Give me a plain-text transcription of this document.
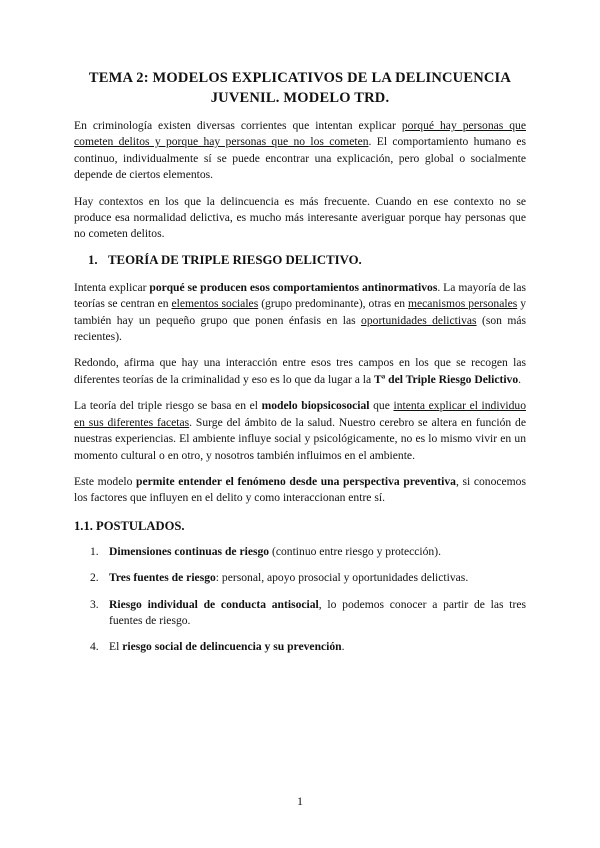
TEMA 2: MODELOS EXPLICATIVOS DE LA DELINCUENCIA
JUVENIL. MODELO TRD.

En criminología existen diversas corrientes que intentan explicar porqué hay personas que cometen delitos y porque hay personas que no los cometen. El comportamiento humano es continuo, individualmente sí se puede encontrar una explicación, pero global o socialmente depende de ciertos elementos.

Hay contextos en los que la delincuencia es más frecuente. Cuando en ese contexto no se produce esa normalidad delictiva, es mucho más interesante averiguar porque hay personas que no cometen delitos.

1. TEORÍA DE TRIPLE RIESGO DELICTIVO.

Intenta explicar porqué se producen esos comportamientos antinormativos. La mayoría de las teorías se centran en elementos sociales (grupo predominante), otras en mecanismos personales y también hay un pequeño grupo que ponen énfasis en las oportunidades delictivas (son más recientes).

Redondo, afirma que hay una interacción entre esos tres campos en los que se recogen las diferentes teorías de la criminalidad y eso es lo que da lugar a la Tª del Triple Riesgo Delictivo.

La teoría del triple riesgo se basa en el modelo biopsicosocial que intenta explicar el individuo en sus diferentes facetas. Surge del ámbito de la salud. Nuestro cerebro se altera en función de nuestras experiencias. El ambiente influye social y psicológicamente, no es lo mismo vivir en un momento cultural o en otro, y nosotros también influimos en el ambiente.

Este modelo permite entender el fenómeno desde una perspectiva preventiva, si conocemos los factores que influyen en el delito y como interaccionan entre sí.

1.1. POSTULADOS.
1. Dimensiones continuas de riesgo (continuo entre riesgo y protección).
2. Tres fuentes de riesgo: personal, apoyo prosocial y oportunidades delictivas.
3. Riesgo individual de conducta antisocial, lo podemos conocer a partir de las tres fuentes de riesgo.
4. El riesgo social de delincuencia y su prevención.
1
